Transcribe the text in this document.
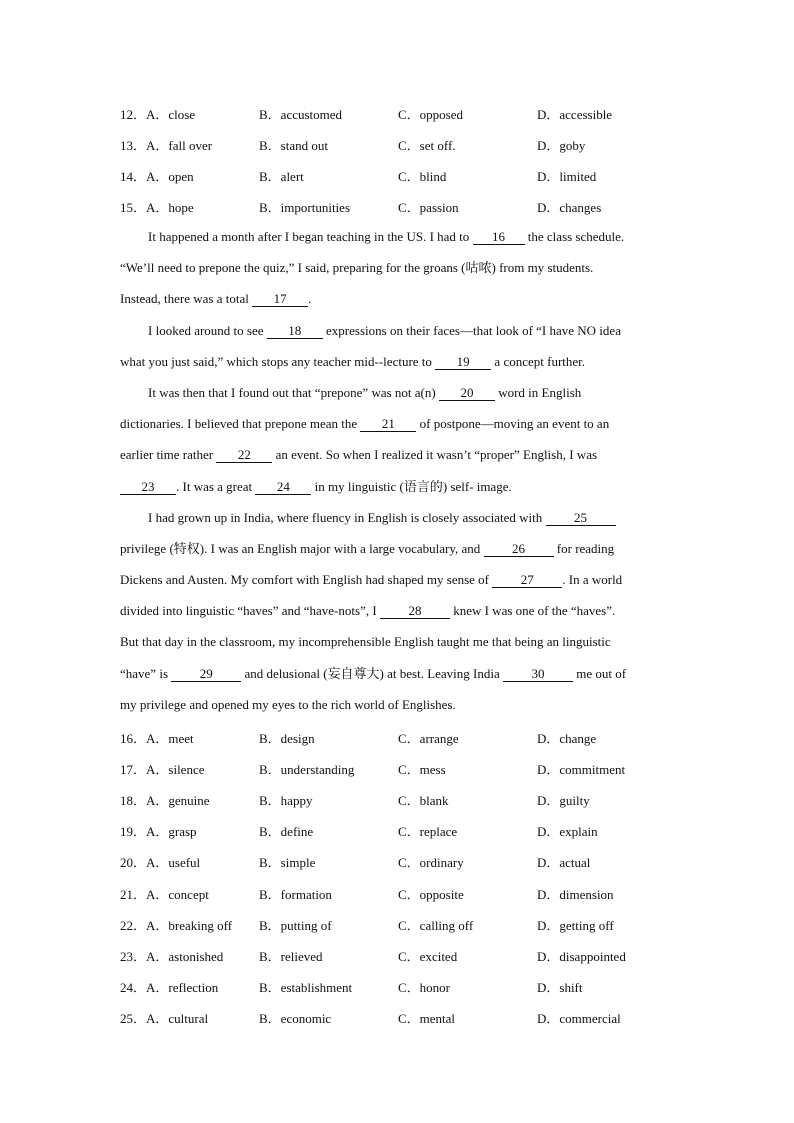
12．A．close	B．accustomed	C．opposed	D．accessible
13．A．fall over	B．stand out	C．set off.	D．goby
14．A．open	B．alert	C．blind	D．limited
15．A．hope	B．importunities	C．passion	D．changes
It happened a month after I began teaching in the US. I had to 16 the class schedule.
“We’ll need to prepone the quiz,” I said, preparing for the groans (咕哝) from my students.
Instead, there was a total 17 .
I looked around to see 18 expressions on their faces—that look of “I have NO idea
what you just said,” which stops any teacher mid--lecture to 19 a concept further.
It was then that I found out that “prepone” was not a(n) 20 word in English
dictionaries. I believed that prepone mean the 21 of postpone—moving an event to an
earlier time rather 22 an event. So when I realized it wasn’t “proper” English, I was
23 . It was a great 24 in my linguistic (语言的) self- image.
I had grown up in India, where fluency in English is closely associated with 25
privilege (特权). I was an English major with a large vocabulary, and 26 for reading
Dickens and Austen. My comfort with English had shaped my sense of 27 . In a world
divided into linguistic “haves” and “have-nots”, I 28 knew I was one of the “haves”.
But that day in the classroom, my incomprehensible English taught me that being an linguistic
“have” is 29 and delusional (妄自尊大) at best. Leaving India 30 me out of
my privilege and opened my eyes to the rich world of Englishes.
16．A．meet	B．design	C．arrange	D．change
17．A．silence	B．understanding	C．mess	D．commitment
18．A．genuine	B．happy	C．blank	D．guilty
19．A．grasp	B．define	C．replace	D．explain
20．A．useful	B．simple	C．ordinary	D．actual
21．A．concept	B．formation	C．opposite	D．dimension
22．A．breaking off B．putting of	C．calling off	D．getting off
23．A．astonished	B．relieved	C．excited	D．disappointed
24．A．reflection	B．establishment	C．honor	D．shift
25．A．cultural	B．economic	C．mental	D．commercial
